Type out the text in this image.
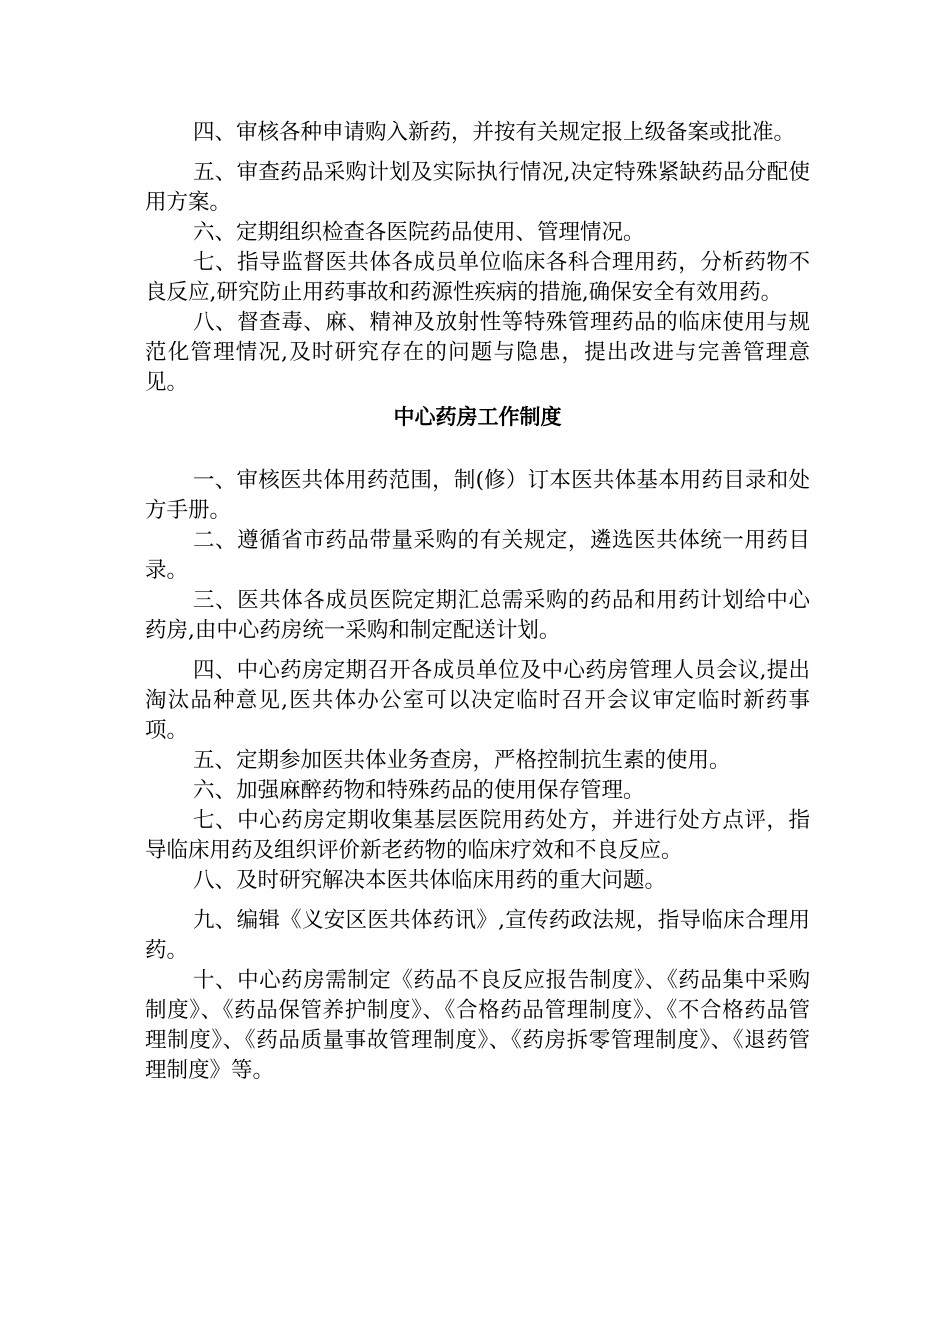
四、审核各种申请购入新药，并按有关规定报上级备案或批准。

五、审查药品采购计划及实际执行情况,决定特殊紧缺药品分配使用方案。

六、定期组织检查各医院药品使用、管理情况。

七、指导监督医共体各成员单位临床各科合理用药，分析药物不良反应,研究防止用药事故和药源性疾病的措施,确保安全有效用药。

八、督查毒、麻、精神及放射性等特殊管理药品的临床使用与规范化管理情况,及时研究存在的问题与隐患，提出改进与完善管理意见。

中心药房工作制度

一、审核医共体用药范围，制(修）订本医共体基本用药目录和处方手册。

二、遵循省市药品带量采购的有关规定，遴选医共体统一用药目录。

三、医共体各成员医院定期汇总需采购的药品和用药计划给中心药房,由中心药房统一采购和制定配送计划。

四、中心药房定期召开各成员单位及中心药房管理人员会议,提出淘汰品种意见,医共体办公室可以决定临时召开会议审定临时新药事项。

五、定期参加医共体业务查房，严格控制抗生素的使用。

六、加强麻醉药物和特殊药品的使用保存管理。

七、中心药房定期收集基层医院用药处方，并进行处方点评，指导临床用药及组织评价新老药物的临床疗效和不良反应。

八、及时研究解决本医共体临床用药的重大问题。

九、编辑《义安区医共体药讯》,宣传药政法规，指导临床合理用药。

十、中心药房需制定《药品不良反应报告制度》、《药品集中采购制度》、《药品保管养护制度》、《合格药品管理制度》、《不合格药品管理制度》、《药品质量事故管理制度》、《药房拆零管理制度》、《退药管理制度》等。
